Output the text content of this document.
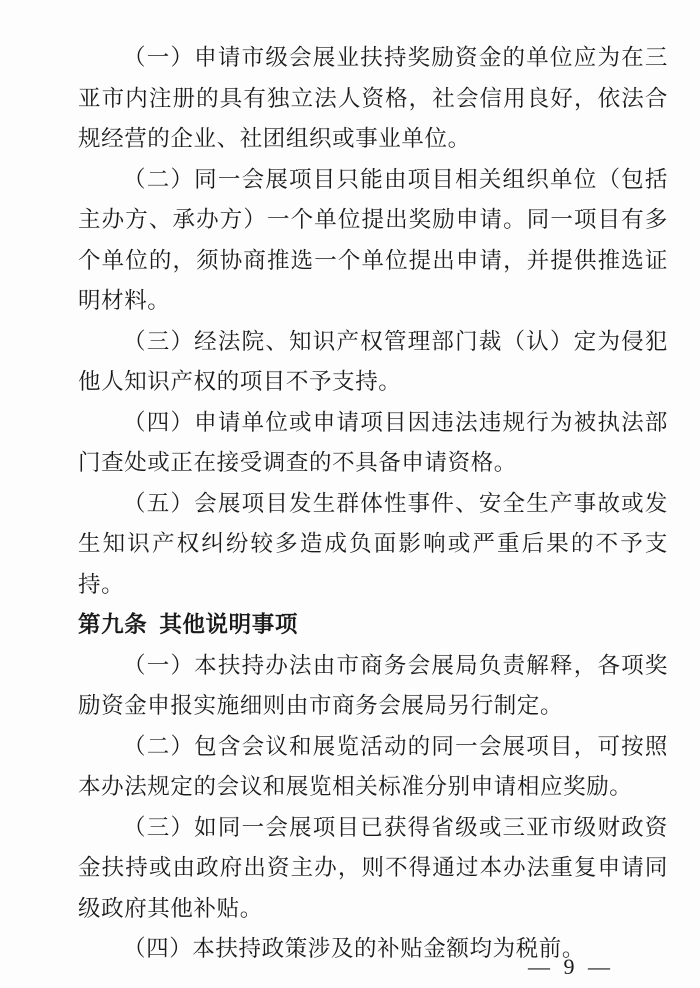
（一）申请市级会展业扶持奖励资金的单位应为在三亚市内注册的具有独立法人资格，社会信用良好，依法合规经营的企业、社团组织或事业单位。

（二）同一会展项目只能由项目相关组织单位（包括主办方、承办方）一个单位提出奖励申请。同一项目有多个单位的，须协商推选一个单位提出申请，并提供推选证明材料。

（三）经法院、知识产权管理部门裁（认）定为侵犯他人知识产权的项目不予支持。

（四）申请单位或申请项目因违法违规行为被执法部门查处或正在接受调查的不具备申请资格。

（五）会展项目发生群体性事件、安全生产事故或发生知识产权纠纷较多造成负面影响或严重后果的不予支持。

第九条 其他说明事项

（一）本扶持办法由市商务会展局负责解释，各项奖励资金申报实施细则由市商务会展局另行制定。

（二）包含会议和展览活动的同一会展项目，可按照本办法规定的会议和展览相关标准分别申请相应奖励。

（三）如同一会展项目已获得省级或三亚市级财政资金扶持或由政府出资主办，则不得通过本办法重复申请同级政府其他补贴。

（四）本扶持政策涉及的补贴金额均为税前。

— 9 —
